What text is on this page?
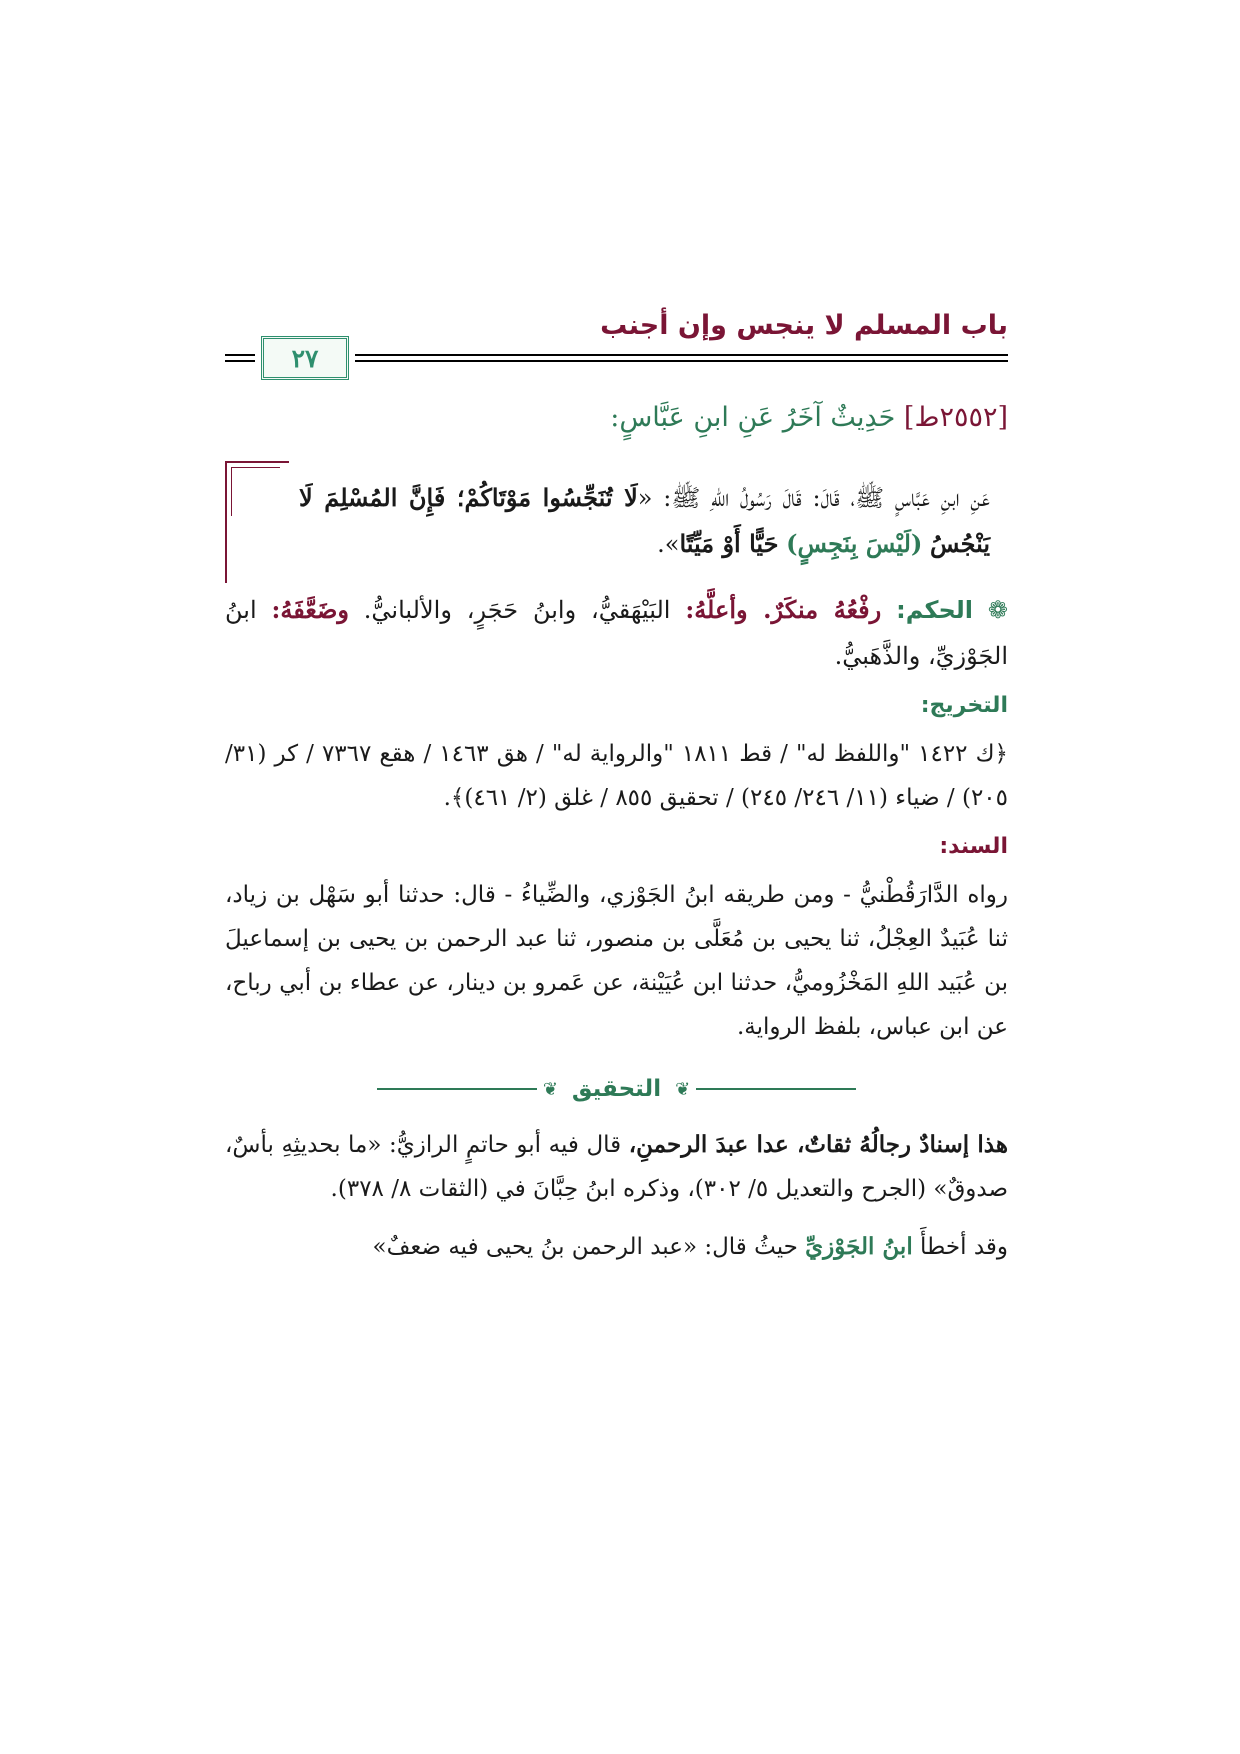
باب المسلم لا ينجس وإن أجنب
٢٧
[٢٥٥٢ط] حَدِيثٌ آخَرُ عَنِ ابنِ عَبَّاسٍ:
عَنِ ابنِ عَبَّاسٍ ﷺ، قَالَ: قَالَ رَسُولُ اللهِ ﷺ: «لَا تُنَجِّسُوا مَوْتَاكُمْ؛ فَإِنَّ المُسْلِمَ لَا يَنْجُسُ (لَيْسَ بِنَجِسٍ) حَيًّا أَوْ مَيِّتًا».
❁ الحكم: رفْعُهُ منكَرٌ. وأعلَّهُ: البَيْهَقيُّ، وابنُ حَجَرٍ، والألبانيُّ. وضَعَّفَهُ: ابنُ الجَوْزيِّ، والذَّهَبيُّ.
التخريج:
﴿ك ١٤٢٢ "واللفظ له" / قط ١٨١١ "والرواية له" / هق ١٤٦٣ / هقع ٧٣٦٧ / كر (٣١/ ٢٠٥) / ضياء (١١/ ٢٤٦/ ٢٤٥) / تحقيق ٨٥٥ / غلق (٢/ ٤٦١)﴾.
السند:
رواه الدَّارَقُطْنيُّ - ومن طريقه ابنُ الجَوْزي، والضِّياءُ - قال: حدثنا أبو سَهْل بن زياد، ثنا عُبَيدٌ العِجْلُ، ثنا يحيى بن مُعَلَّى بن منصور، ثنا عبد الرحمن بن يحيى بن إسماعيلَ بن عُبَيد اللهِ المَخْزُوميُّ، حدثنا ابن عُيَيْنة، عن عَمرو بن دينار، عن عطاء بن أبي رباح، عن ابن عباس، بلفظ الرواية.
❦
التحقيق
❦
هذا إسنادٌ رجالُهُ ثقاتٌ، عدا عبدَ الرحمنِ، قال فيه أبو حاتمٍ الرازيُّ: «ما بحديثِهِ بأسٌ، صدوقٌ» (الجرح والتعديل ٥/ ٣٠٢)، وذكره ابنُ حِبَّانَ في (الثقات ٨/ ٣٧٨).
وقد أخطأَ ابنُ الجَوْزيِّ حيثُ قال: «عبد الرحمن بنُ يحيى فيه ضعفٌ»
